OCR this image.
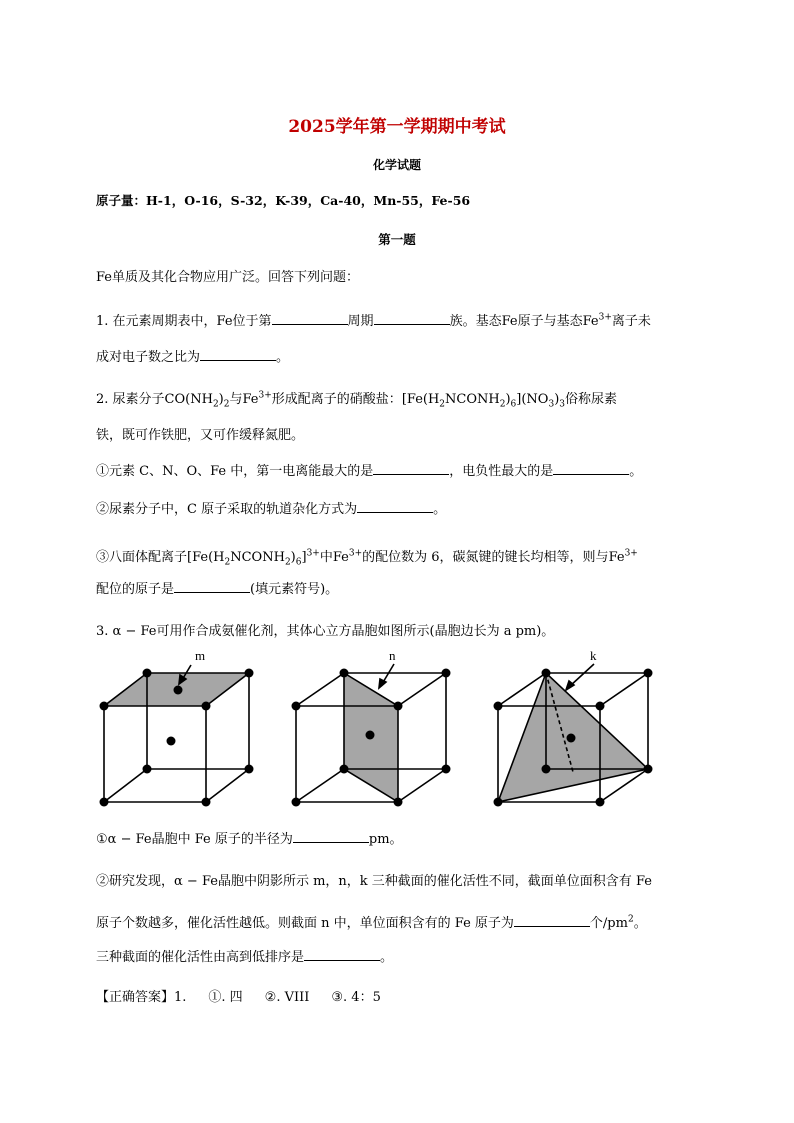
2025学年第一学期期中考试
化学试题
原子量：H-1，O-16，S-32，K-39，Ca-40，Mn-55，Fe-56
第一题
Fe单质及其化合物应用广泛。回答下列问题：
1. 在元素周期表中，Fe位于第	周期	族。基态Fe原子与基态$Fe^{3+}$离子未
成对电子数之比为	。
2. 尿素分子$CO(NH_2)_2$与$Fe^{3+}$形成配离子的硝酸盐：$[Fe(H_2NCONH_2)_6](NO_3)_3$俗称尿素
铁，既可作铁肥，又可作缓释氮肥。
①元素 C、N、O、Fe 中，第一电离能最大的是	，电负性最大的是	。
②尿素分子中，C 原子采取的轨道杂化方式为	。
③八面体配离子$[Fe(H_2NCONH_2)_6]^{3+}$中$Fe^{3+}$的配位数为 6，碳氮键的键长均相等，则与$Fe^{3+}$
配位的原子是	(填元素符号)。
3. α − Fe可用作合成氨催化剂，其体心立方晶胞如图所示(晶胞边长为 a pm)。
m	n	k
①α − Fe晶胞中 Fe 原子的半径为	pm。
②研究发现，α − Fe晶胞中阴影所示 m，n，k 三种截面的催化活性不同，截面单位面积含有 Fe
原子个数越多，催化活性越低。则截面 n 中，单位面积含有的 Fe 原子为	个$/pm^2$。
三种截面的催化活性由高到低排序是	。
【正确答案】1. ①. 四 ②. VIII ③. 4：5
